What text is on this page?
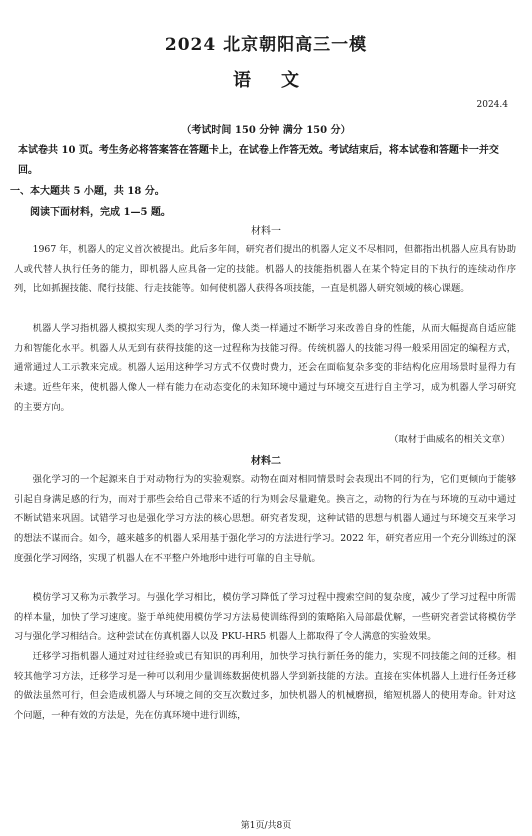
2024 北京朝阳高三一模
语文
2024.4
（考试时间 150 分钟 满分 150 分）
本试卷共 10 页。考生务必将答案答在答题卡上，在试卷上作答无效。考试结束后，将本试卷和答题卡一并交回。
一、本大题共 5 小题，共 18 分。
阅读下面材料，完成 1—5 题。
材料一

1967 年，机器人的定义首次被提出。此后多年间，研究者们提出的机器人定义不尽相同，但都指出机器人应具有协助人或代替人执行任务的能力，即机器人应具备一定的技能。机器人的技能指机器人在某个特定目的下执行的连续动作序列，比如抓握技能、爬行技能、行走技能等。如何使机器人获得各项技能，一直是机器人研究领域的核心课题。

机器人学习指机器人模拟实现人类的学习行为，像人类一样通过不断学习来改善自身的性能，从而大幅提高自适应能力和智能化水平。机器人从无到有获得技能的这一过程称为技能习得。传统机器人的技能习得一般采用固定的编程方式，通常通过人工示教来完成。机器人运用这种学习方式不仅费时费力，还会在面临复杂多变的非结构化应用场景时显得力有未逮。近些年来，使机器人像人一样有能力在动态变化的未知环境中通过与环境交互进行自主学习，成为机器人学习研究的主要方向。

（取材于曲威名的相关文章）
材料二

强化学习的一个起源来自于对动物行为的实验观察。动物在面对相同情景时会表现出不同的行为，它们更倾向于能够引起自身满足感的行为，而对于那些会给自己带来不适的行为则会尽量避免。换言之，动物的行为在与环境的互动中通过不断试错来巩固。试错学习也是强化学习方法的核心思想。研究者发现，这种试错的思想与机器人通过与环境交互来学习的想法不谋而合。如今，越来越多的机器人采用基于强化学习的方法进行学习。2022 年，研究者应用一个充分训练过的深度强化学习网络，实现了机器人在不平整户外地形中进行可靠的自主导航。

模仿学习又称为示教学习。与强化学习相比，模仿学习降低了学习过程中搜索空间的复杂度，减少了学习过程中所需的样本量，加快了学习速度。鉴于单纯使用模仿学习方法易使训练得到的策略陷入局部最优解，一些研究者尝试将模仿学习与强化学习相结合。这种尝试在仿真机器人以及 PKU-HR5 机器人上都取得了令人满意的实验效果。

迁移学习指机器人通过对过往经验或已有知识的再利用，加快学习执行新任务的能力，实现不同技能之间的迁移。相较其他学习方法，迁移学习是一种可以利用少量训练数据使机器人学到新技能的方法。直接在实体机器人上进行任务迁移的做法虽然可行，但会造成机器人与环境之间的交互次数过多，加快机器人的机械磨损，缩短机器人的使用寿命。针对这个问题，一种有效的方法是，先在仿真环境中进行训练，

第1页/共8页
